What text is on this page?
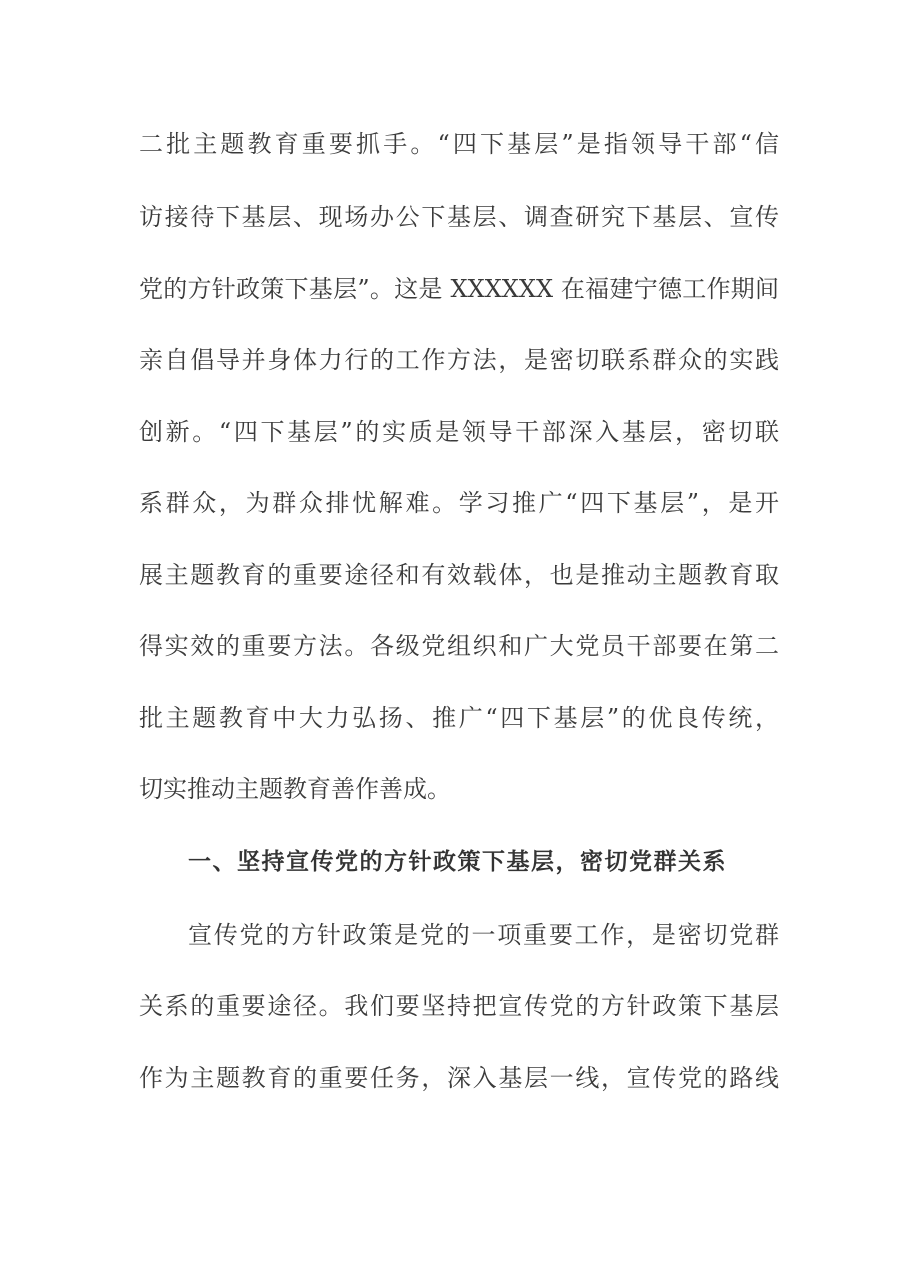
二批主题教育重要抓手。“四下基层”是指领导干部“信
访接待下基层、现场办公下基层、调查研究下基层、宣传
党的方针政策下基层”。这是 XXXXXX 在福建宁德工作期间
亲自倡导并身体力行的工作方法，是密切联系群众的实践
创新。“四下基层”的实质是领导干部深入基层，密切联
系群众，为群众排忧解难。学习推广“四下基层”，是开
展主题教育的重要途径和有效载体，也是推动主题教育取
得实效的重要方法。各级党组织和广大党员干部要在第二
批主题教育中大力弘扬、推广“四下基层”的优良传统，
切实推动主题教育善作善成。
一、坚持宣传党的方针政策下基层，密切党群关系
宣传党的方针政策是党的一项重要工作，是密切党群
关系的重要途径。我们要坚持把宣传党的方针政策下基层
作为主题教育的重要任务，深入基层一线，宣传党的路线
